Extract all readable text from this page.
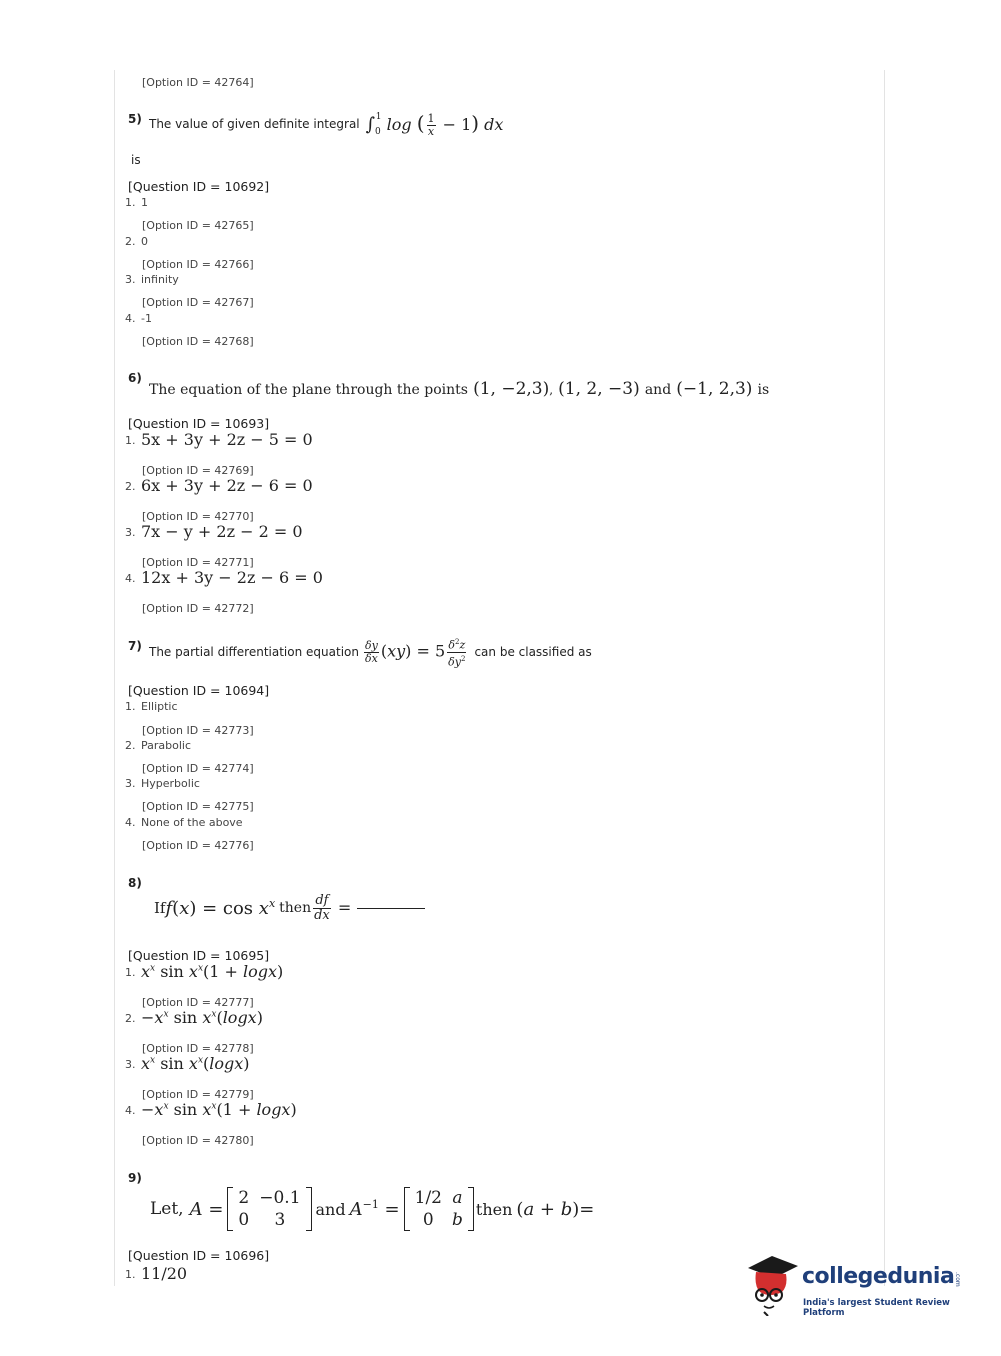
[Option ID = 42764]
5) The value of given definite integral $\int_0^1$ log ( $\frac{1}{x} - 1$) dx
is
[Question ID = 10692]
1. 1
[Option ID = 42765]
2. 0
[Option ID = 42766]
3. infinity
[Option ID = 42767]
4. -1
[Option ID = 42768]
6)
The equation of the plane through the points (1, −2,3), (1, 2, −3) and (−1, 2,3) is
[Question ID = 10693]
1. 5x + 3y + 2z − 5 = 0
[Option ID = 42769]
2. 6x + 3y + 2z − 6 = 0
[Option ID = 42770]
3. 7x − y + 2z − 2 = 0
[Option ID = 42771]
4. 12x + 3y − 2z − 6 = 0
[Option ID = 42772]
7) The partial differentiation equation $\frac{\delta y}{\delta x} (xy) = 5 \frac{\delta^2z}{\delta y^2}$ can be classified as
[Question ID = 10694]
1. Elliptic
[Option ID = 42773]
2. Parabolic
[Option ID = 42774]
3. Hyperbolic
[Option ID = 42775]
4. None of the above
[Option ID = 42776]
8)
If $f(x) = \cos x^x$ then $\frac{df}{dx}$ =
[Question ID = 10695]
1. $x^x$ $\sin x^x(1 + \log x)$
[Option ID = 42777]
2. $-x^x$ $\sin x^x(\log x)$
[Option ID = 42778]
3. $x^x$ $\sin x^x(\log x)$
[Option ID = 42779]
4. $-x^x$ $\sin x^x(1 + \log x)$
[Option ID = 42780]
9)
Let, A =
2	−0.1
0	3
and $A^{-1}$ =
1/2	a
0	b
then (a + b)=
[Question ID = 10696]
1. 11/20	collegedunia .com
India's largest Student Review Platform
